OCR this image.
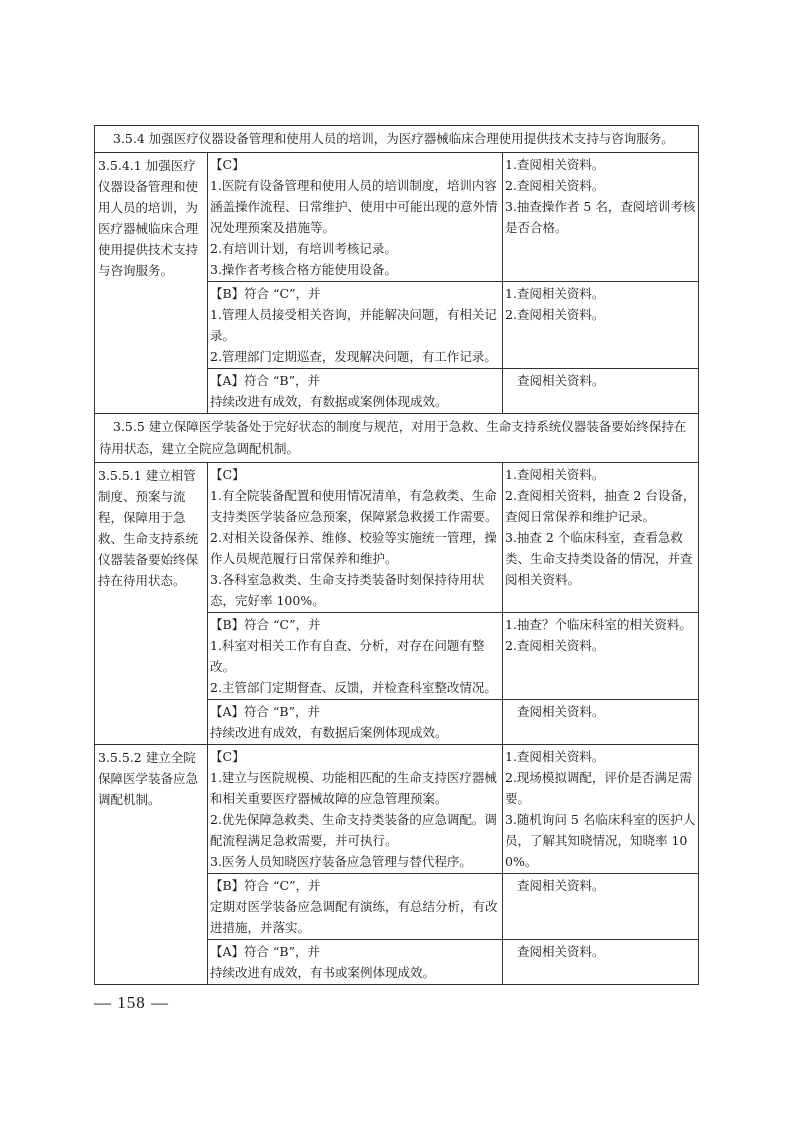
3.5.4 加强医疗仪器设备管理和使用人员的培训，为医疗器械临床合理使用提供技术支持与咨询服务。		
3.5.4.1 加强医疗仪器设备管理和使用人员的培训，为医疗器械临床合理使用提供技术支持与咨询服务。	【C】
1.医院有设备管理和使用人员的培训制度，培训内容涵盖操作流程、日常维护、使用中可能出现的意外情况处理预案及措施等。
2.有培训计划，有培训考核记录。
3.操作者考核合格方能使用设备。	1.查阅相关资料。
2.查阅相关资料。
3.抽查操作者 5 名，查阅培训考核是否合格。

	【B】符合 “C”，并
1.管理人员接受相关咨询，并能解决问题，有相关记录。
2.管理部门定期巡查，发现解决问题，有工作记录。	1.查阅相关资料。
2.查阅相关资料。

	【A】符合 “B”，并
持续改进有成效，有数据或案例体现成效。	查阅相关资料。

3.5.5 建立保障医学装备处于完好状态的制度与规范，对用于急救、生命支持系统仪器装备要始终保持在待用状态，建立全院应急调配机制。		
3.5.5.1 建立相管制度、预案与流程，保障用于急救、生命支持系统仪器装备要始终保持在待用状态。	【C】
1.有全院装备配置和使用情况清单，有急救类、生命支持类医学装备应急预案，保障紧急救援工作需要。
2.对相关设备保养、维修、校验等实施统一管理，操作人员规范履行日常保养和维护。
3.各科室急救类、生命支持类装备时刻保持待用状态，完好率 100%。	1.查阅相关资料。
2.查阅相关资料，抽查 2 台设备，查阅日常保养和维护记录。
3.抽查 2 个临床科室，查看急救类、生命支持类设备的情况，并查阅相关资料。

	【B】符合 “C”，并
1.科室对相关工作有自查、分析，对存在问题有整改。
2.主管部门定期督查、反馈，并检查科室整改情况。	1.抽查？个临床科室的相关资料。
2.查阅相关资料。

	【A】符合 “B”，并
持续改进有成效，有数据后案例体现成效。	查阅相关资料。

3.5.5.2 建立全院保障医学装备应急调配机制。	【C】
1.建立与医院规模、功能相匹配的生命支持医疗器械和相关重要医疗器械故障的应急管理预案。
2.优先保障急救类、生命支持类装备的应急调配。调配流程满足急救需要，并可执行。
3.医务人员知晓医疗装备应急管理与替代程序。	1.查阅相关资料。
2.现场模拟调配，评价是否满足需要。
3.随机询问 5 名临床科室的医护人员，了解其知晓情况，知晓率 100%。

	【B】符合 “C”，并
定期对医学装备应急调配有演练，有总结分析，有改进措施，并落实。	查阅相关资料。

	【A】符合 “B”，并
持续改进有成效，有书或案例体现成效。	查阅相关资料。
— 158 —
